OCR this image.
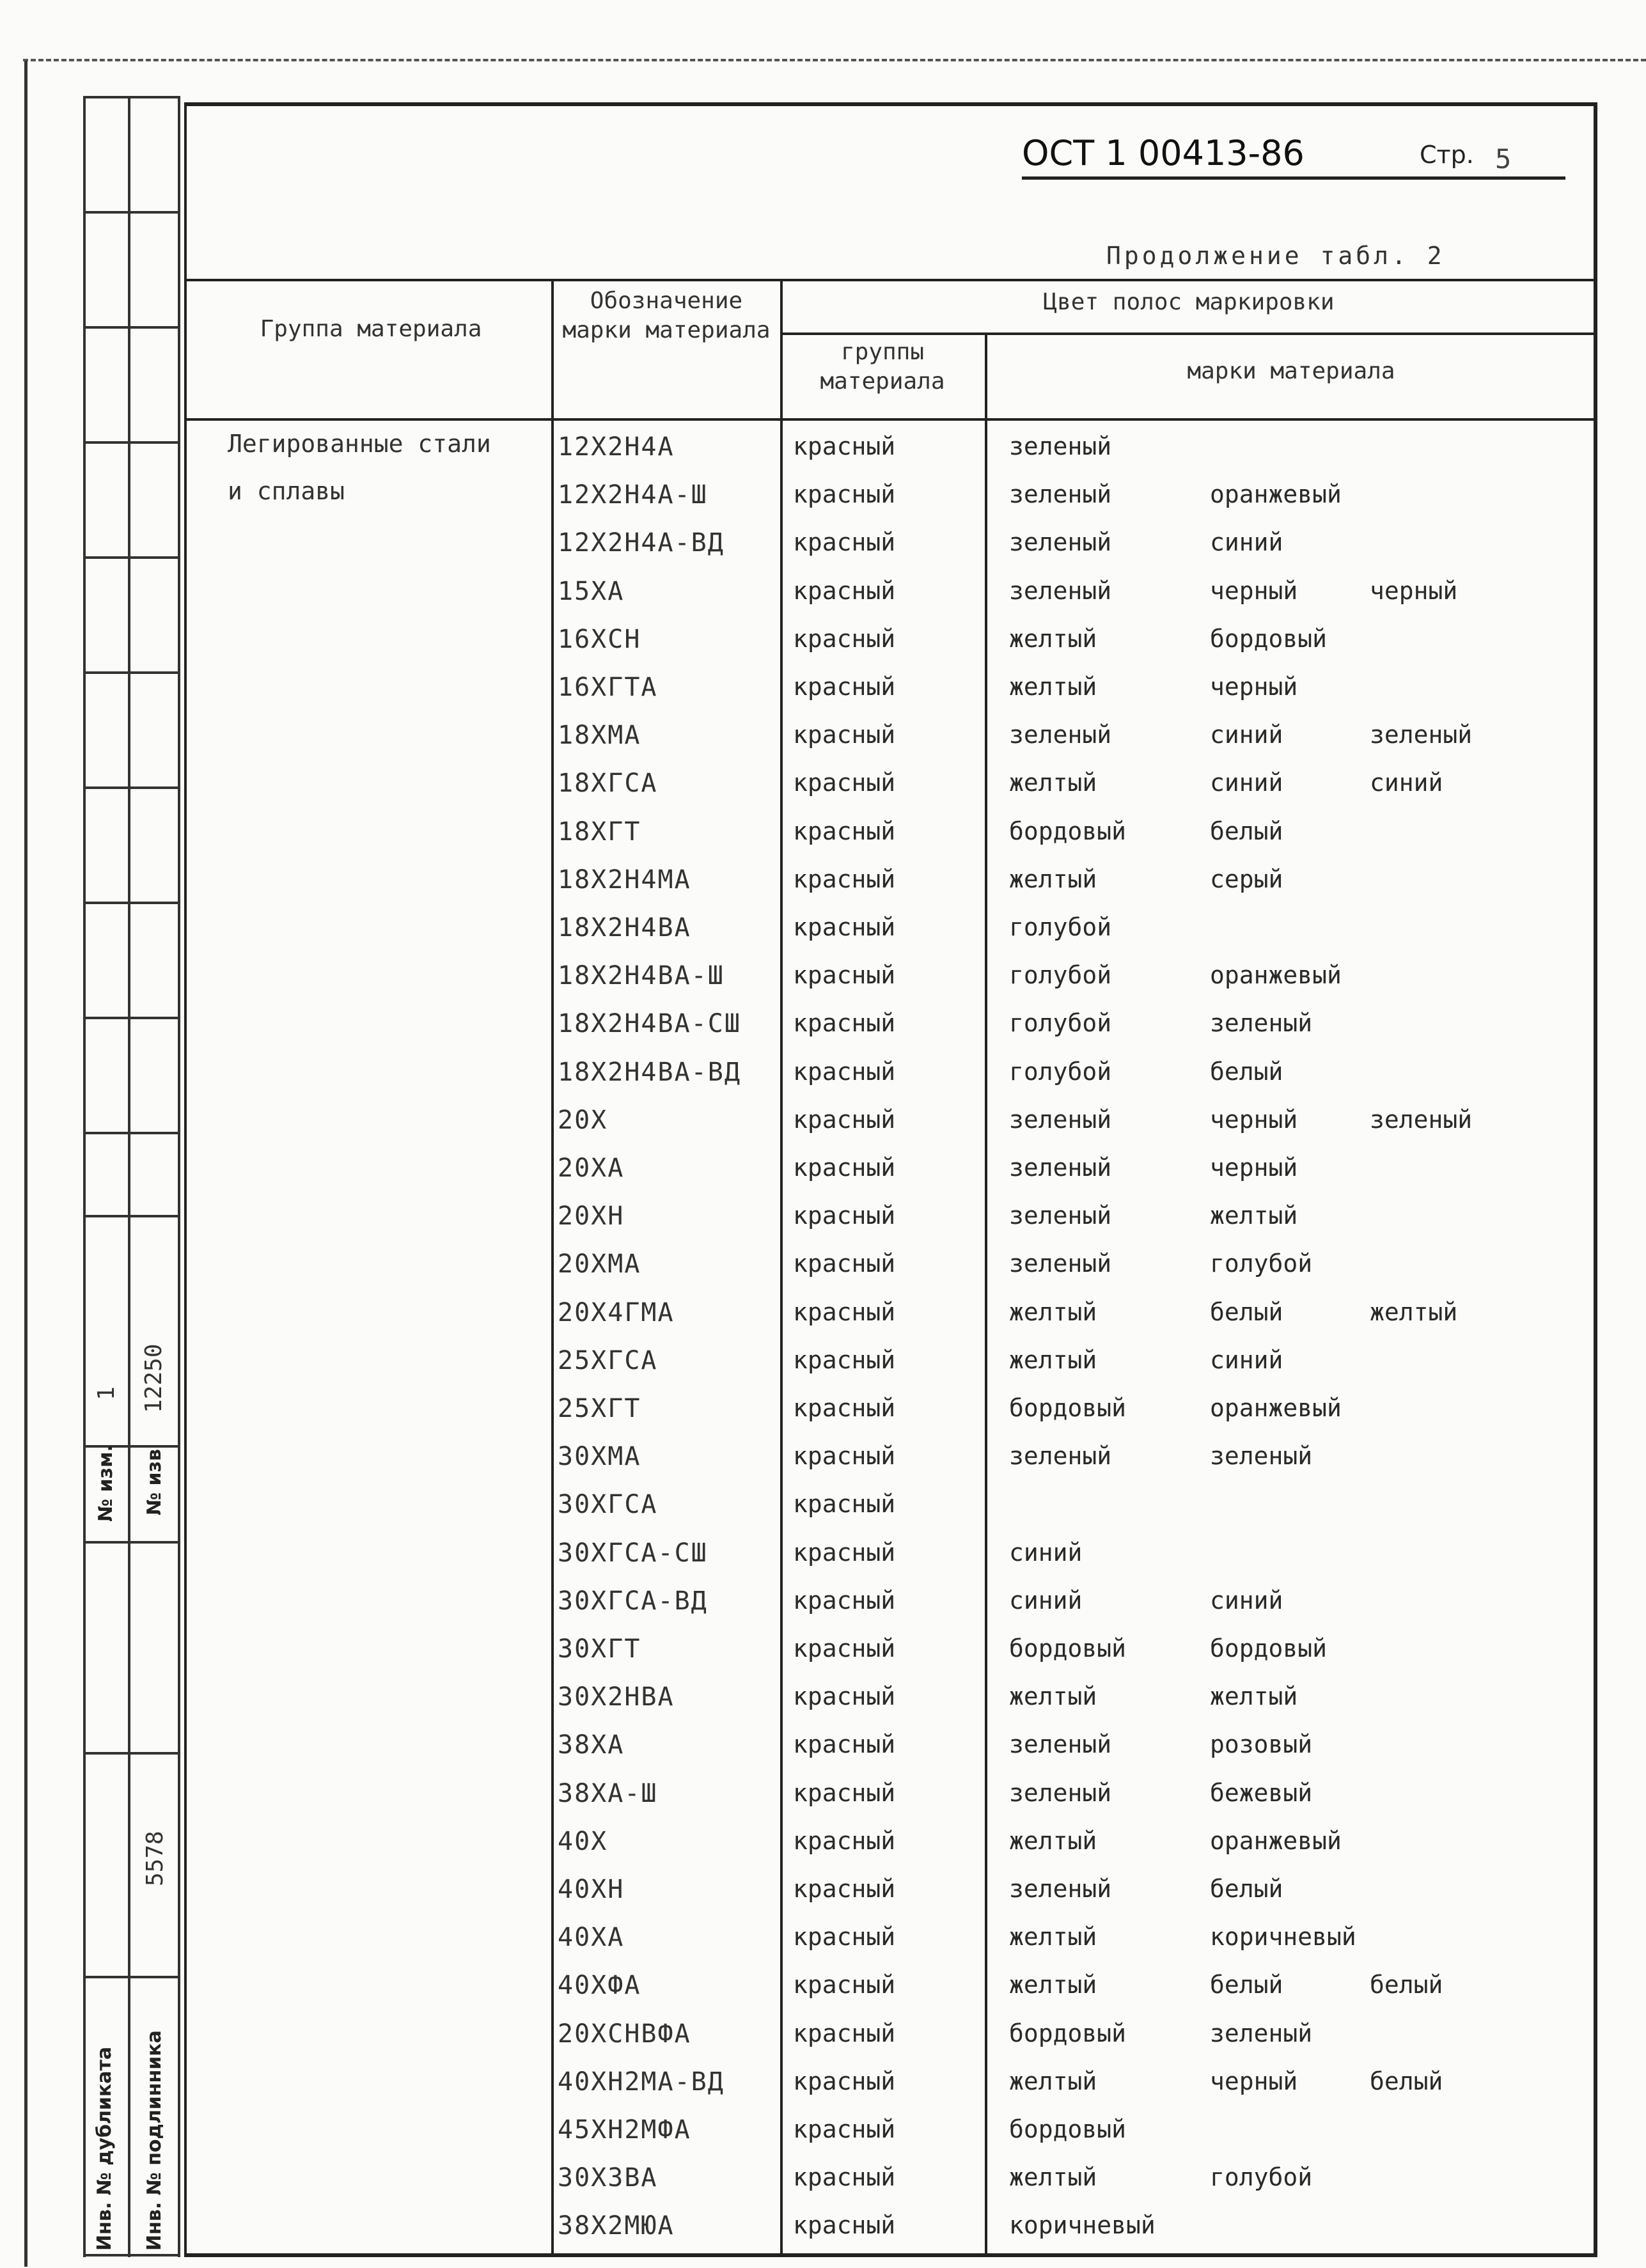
1 12250
№ изм. № изв
5578
Инв. № дубликата Инв. № подлинника
ОСТ 1 00413-86	Стр. 5
Продолжение табл. 2
Группа материала
Обозначение марки материала
Цвет полос маркировки
группы материала	марки материала
Легированные стали
и сплавы
12Х2Н4А	красный	зеленый
12Х2Н4А-Ш	красный	зеленый	оранжевый
12Х2Н4А-ВД	красный	зеленый	синий
15ХА	красный	зеленый	черный	черный
16ХСН	красный	желтый	бордовый
16ХГТА	красный	желтый	черный
18ХМА	красный	зеленый	синий	зеленый
18ХГСА	красный	желтый	синий	синий
18ХГТ	красный	бордовый	белый
18Х2Н4МА	красный	желтый	серый
18Х2Н4ВА	красный	голубой
18Х2Н4ВА-Ш	красный	голубой	оранжевый
18Х2Н4ВА-СШ красный	голубой	зеленый
18Х2Н4ВА-ВД красный	голубой	белый
20Х	красный	зеленый	черный	зеленый
20ХА	красный	зеленый	черный
20ХН	красный	зеленый	желтый
20ХМА	красный	зеленый	голубой
20Х4ГМА	красный	желтый	белый	желтый
25ХГСА	красный	желтый	синий
25ХГТ	красный	бордовый	оранжевый
30ХМА	красный	зеленый	зеленый
30ХГСА	красный
30ХГСА-СШ	красный	синий
30ХГСА-ВД	красный	синий	синий
30ХГТ	красный	бордовый	бордовый
30Х2НВА	красный	желтый	желтый
38ХА	красный	зеленый	розовый
38ХА-Ш	красный	зеленый	бежевый
40Х	красный	желтый	оранжевый
40ХН	красный	зеленый	белый
40ХА	красный	желтый	коричневый
40ХФА	красный	желтый	белый	белый
20ХСНВФА	красный	бордовый	зеленый
40ХН2МА-ВД	красный	желтый	черный	белый
45ХН2МФА	красный	бордовый
30Х3ВА	красный	желтый	голубой
38Х2МЮА	красный	коричневый
